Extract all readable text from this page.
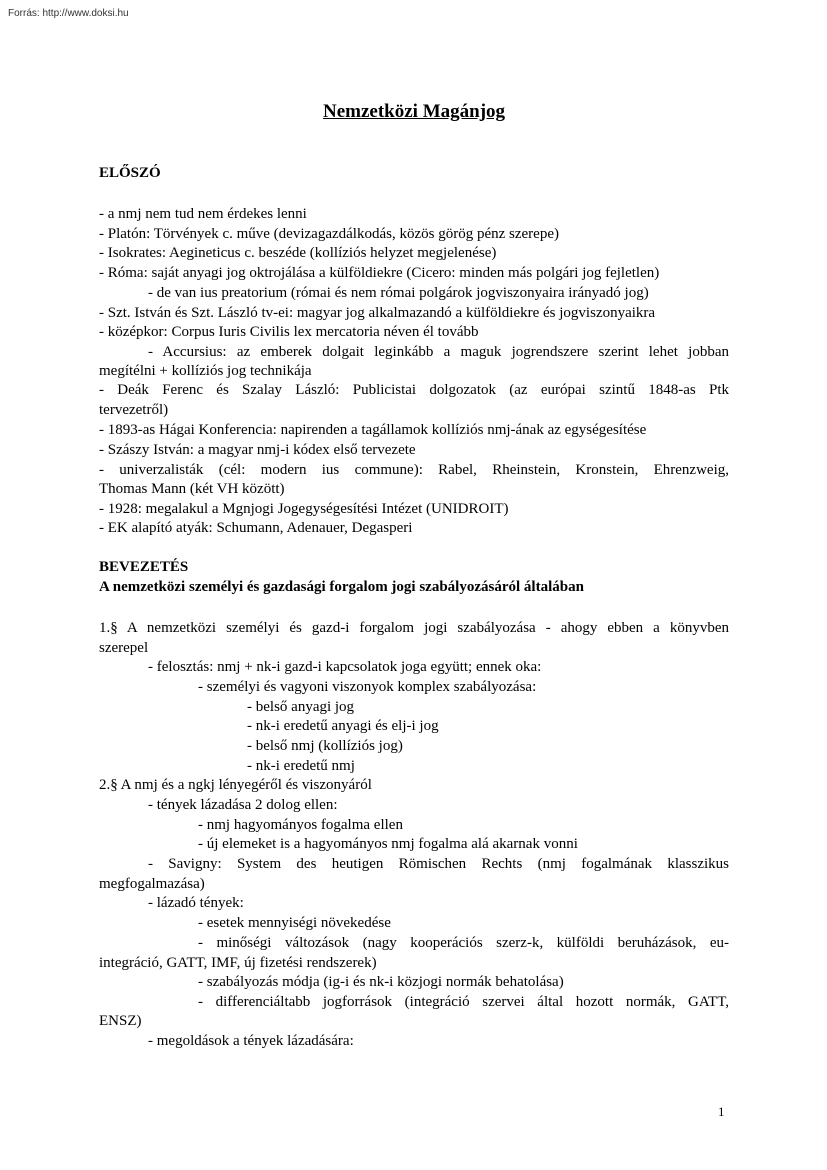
Forrás: http://www.doksi.hu
Nemzetközi Magánjog
ELŐSZÓ
- a nmj nem tud nem érdekes lenni
- Platón: Törvények c. műve (devizagazdálkodás, közös görög pénz szerepe)
- Isokrates: Aegineticus c. beszéde (kollíziós helyzet megjelenése)
- Róma: saját anyagi jog oktrojálása a külföldiekre (Cicero: minden más polgári jog fejletlen)
- de van ius preatorium (római és nem római polgárok jogviszonyaira irányadó jog)
- Szt. István és Szt. László tv-ei: magyar jog alkalmazandó a külföldiekre és jogviszonyaikra
- középkor: Corpus Iuris Civilis lex mercatoria néven él tovább
- Accursius: az emberek dolgait leginkább a maguk jogrendszere szerint lehet jobban
megítélni + kollíziós jog technikája
- Deák Ferenc és Szalay László: Publicistai dolgozatok (az európai szintű 1848-as Ptk
tervezetről)
- 1893-as Hágai Konferencia: napirenden a tagállamok kollíziós nmj-ának az egységesítése
- Szászy István: a magyar nmj-i kódex első tervezete
- univerzalisták (cél: modern ius commune): Rabel, Rheinstein, Kronstein, Ehrenzweig,
Thomas Mann (két VH között)
- 1928: megalakul a Mgnjogi Jogegységesítési Intézet (UNIDROIT)
- EK alapító atyák: Schumann, Adenauer, Degasperi
BEVEZETÉS
A nemzetközi személyi és gazdasági forgalom jogi szabályozásáról általában
1.§ A nemzetközi személyi és gazd-i forgalom jogi szabályozása - ahogy ebben a könyvben
szerepel
- felosztás: nmj + nk-i gazd-i kapcsolatok joga együtt; ennek oka:
- személyi és vagyoni viszonyok komplex szabályozása:
- belső anyagi jog
- nk-i eredetű anyagi és elj-i jog
- belső nmj (kollíziós jog)
- nk-i eredetű nmj
2.§ A nmj és a ngkj lényegéről és viszonyáról
- tények lázadása 2 dolog ellen:
- nmj hagyományos fogalma ellen
- új elemeket is a hagyományos nmj fogalma alá akarnak vonni
- Savigny: System des heutigen Römischen Rechts (nmj fogalmának klasszikus
megfogalmazása)
- lázadó tények:
- esetek mennyiségi növekedése
- minőségi változások (nagy kooperációs szerz-k, külföldi beruházások, eu-
integráció, GATT, IMF, új fizetési rendszerek)
- szabályozás módja (ig-i és nk-i közjogi normák behatolása)
- differenciáltabb jogforrások (integráció szervei által hozott normák, GATT,
ENSZ)
- megoldások a tények lázadására:
1
